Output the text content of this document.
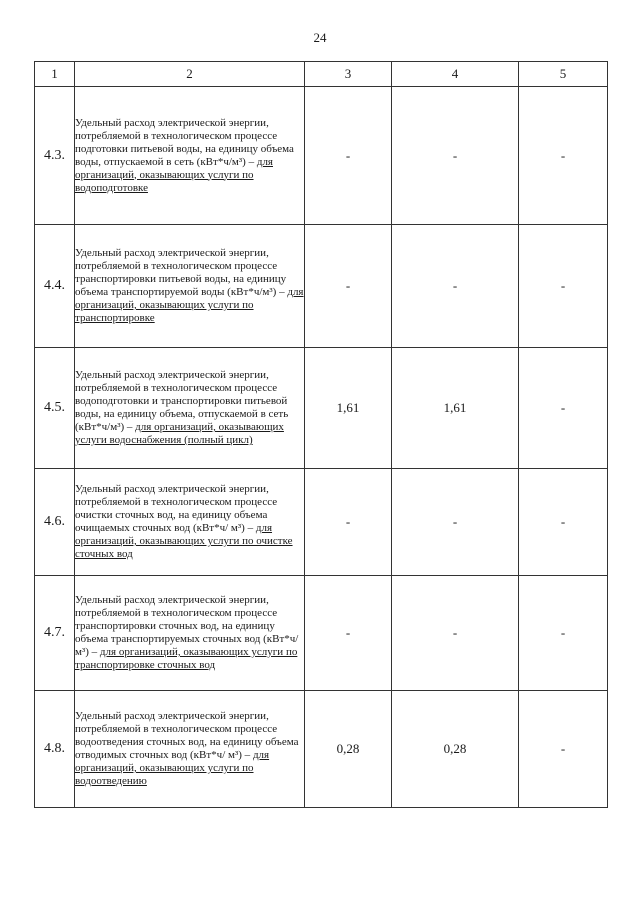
24
1	2	3	4	5
4.3.	Удельный расход электрической энергии, потребляемой в технологическом процессе подготовки питьевой воды, на единицу объема воды, отпускаемой в сеть (кВт*ч/м³) – для организаций, оказывающих услуги по водоподготовке	-	-	-
4.4.	Удельный расход электрической энергии, потребляемой в технологическом процессе транспортировки питьевой воды, на единицу объема транспортируемой воды (кВт*ч/м³) – для организаций, оказывающих услуги по транспортировке	-	-	-
4.5.	Удельный расход электрической энергии, потребляемой в технологическом процессе водоподготовки и транспортировки питьевой воды, на единицу объема, отпускаемой в сеть (кВт*ч/м³) – для организаций, оказывающих услуги водоснабжения (полный цикл)	1,61	1,61	-
4.6.	Удельный расход электрической энергии, потребляемой в технологическом процессе очистки сточных вод, на единицу объема очищаемых сточных вод (кВт*ч/ м³) – для организаций, оказывающих услуги по очистке сточных вод	-	-	-
4.7.	Удельный расход электрической энергии, потребляемой в технологическом процессе транспортировки сточных вод, на единицу объема транспортируемых сточных вод (кВт*ч/ м³) – для организаций, оказывающих услуги по транспортировке сточных вод	-	-	-
4.8.	Удельный расход электрической энергии, потребляемой в технологическом процессе водоотведения сточных вод, на единицу объема отводимых сточных вод (кВт*ч/ м³) – для организаций, оказывающих услуги по водоотведению	0,28	0,28	-
